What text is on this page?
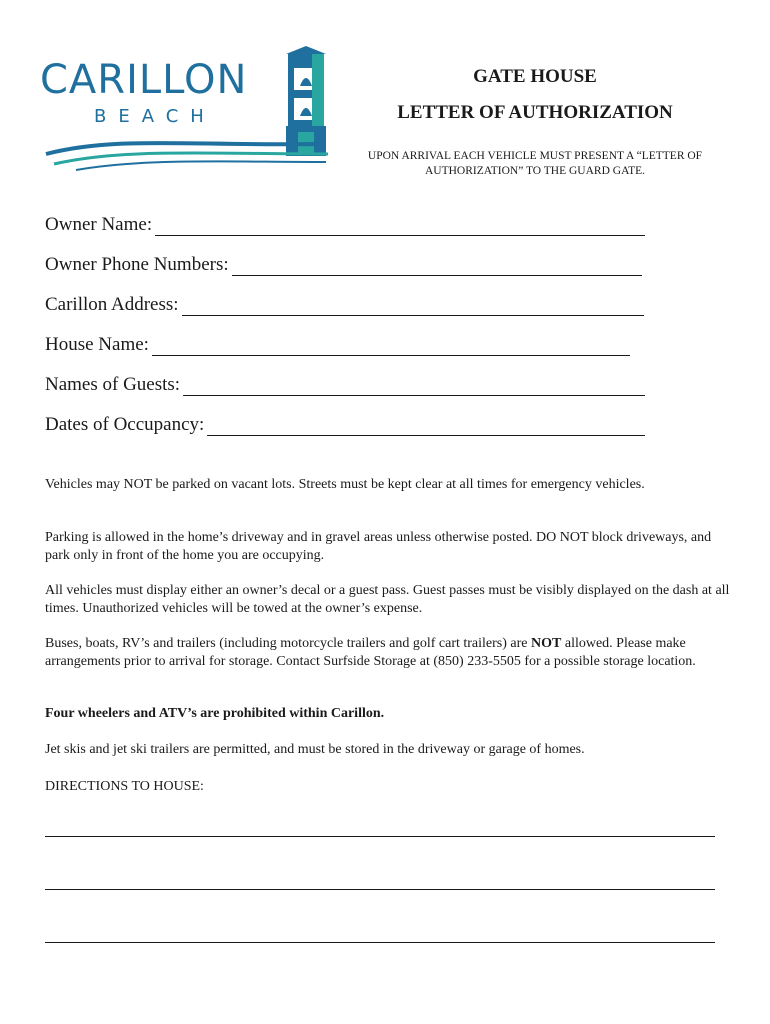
CARILLON
BEACH
GATE HOUSE
LETTER OF AUTHORIZATION
UPON ARRIVAL EACH VEHICLE MUST PRESENT A “LETTER OF AUTHORIZATION” TO THE GUARD GATE.
Owner Name:
Owner Phone Numbers:
Carillon Address:
House Name:
Names of Guests:
Dates of Occupancy:
Vehicles may NOT be parked on vacant lots. Streets must be kept clear at all times for emergency vehicles.
Parking is allowed in the home’s driveway and in gravel areas unless otherwise posted. DO NOT block driveways, and park only in front of the home you are occupying.
All vehicles must display either an owner’s decal or a guest pass. Guest passes must be visibly displayed on the dash at all times. Unauthorized vehicles will be towed at the owner’s expense.
Buses, boats, RV’s and trailers (including motorcycle trailers and golf cart trailers) are NOT allowed. Please make arrangements prior to arrival for storage. Contact Surfside Storage at (850) 233-5505 for a possible storage location.
Four wheelers and ATV’s are prohibited within Carillon.
Jet skis and jet ski trailers are permitted, and must be stored in the driveway or garage of homes.
DIRECTIONS TO HOUSE:
